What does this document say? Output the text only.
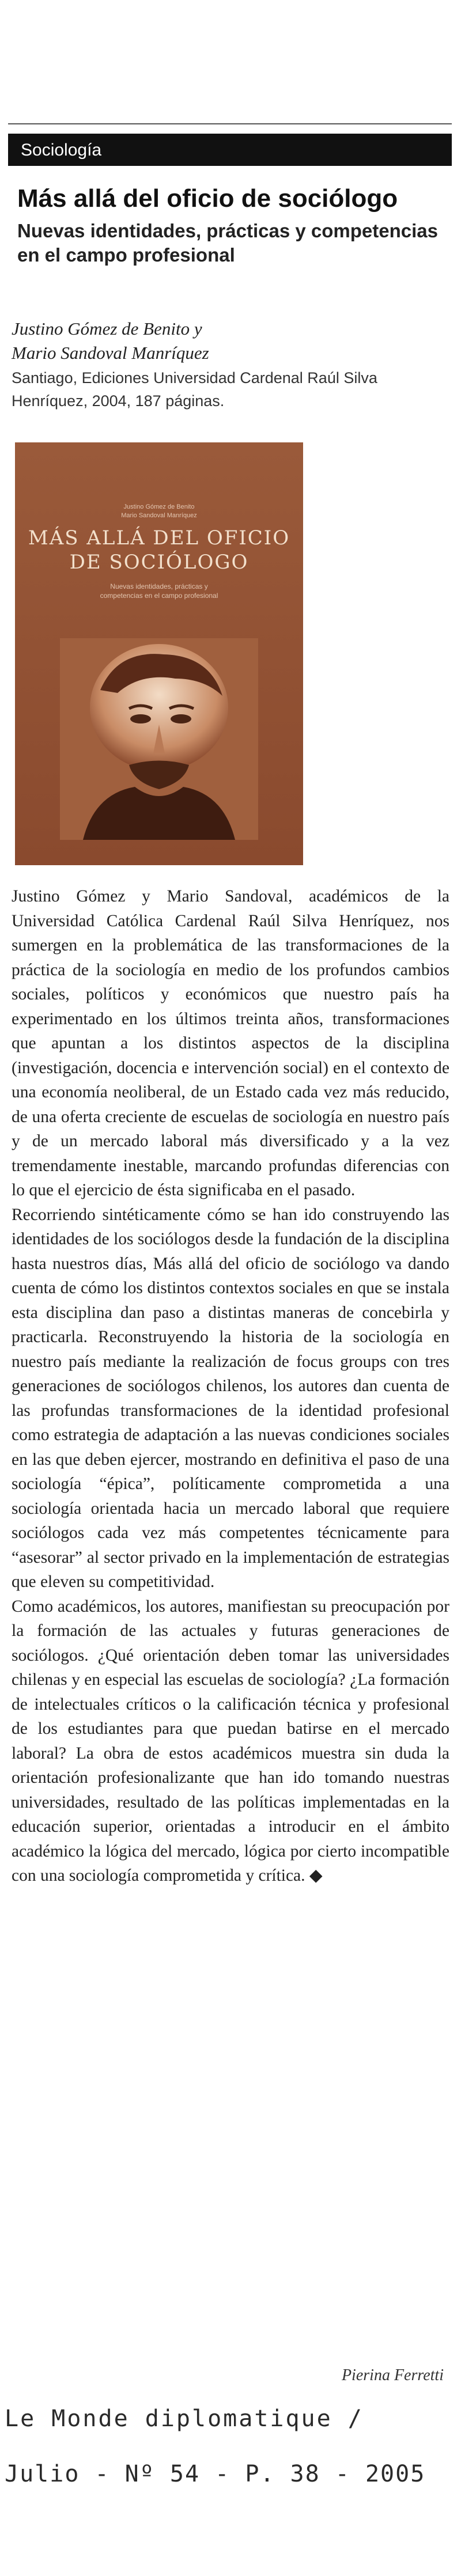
Sociología
Más allá del oficio de sociólogo
Nuevas identidades, prácticas y competencias en el campo profesional
Justino Gómez de Benito y
Mario Sandoval Manríquez
Santiago, Ediciones Universidad Cardenal Raúl Silva Henríquez, 2004, 187 páginas.
Justino Gómez de Benito
Mario Sandoval Manríquez
MÁS ALLÁ DEL OFICIO
DE SOCIÓLOGO
Nuevas identidades, prácticas y
competencias en el campo profesional

Justino Gómez y Mario Sandoval, académicos de la Universidad Católica Cardenal Raúl Silva Henríquez, nos sumergen en la problemática de las transformaciones de la práctica de la sociología en medio de los profundos cambios sociales, políticos y económicos que nuestro país ha experimentado en los últimos treinta años, transformaciones que apuntan a los distintos aspectos de la disciplina (investigación, docencia e intervención social) en el contexto de una economía neoliberal, de un Estado cada vez más reducido, de una oferta creciente de escuelas de sociología en nuestro país y de un mercado laboral más diversificado y a la vez tremendamente inestable, marcando profundas diferencias con lo que el ejercicio de ésta significaba en el pasado.

Recorriendo sintéticamente cómo se han ido construyendo las identidades de los sociólogos desde la fundación de la disciplina hasta nuestros días, Más allá del oficio de sociólogo va dando cuenta de cómo los distintos contextos sociales en que se instala esta disciplina dan paso a distintas maneras de concebirla y practicarla. Reconstruyendo la historia de la sociología en nuestro país mediante la realización de focus groups con tres generaciones de sociólogos chilenos, los autores dan cuenta de las profundas transformaciones de la identidad profesional como estrategia de adaptación a las nuevas condiciones sociales en las que deben ejercer, mostrando en definitiva el paso de una sociología “épica”, políticamente comprometida a una sociología orientada hacia un mercado laboral que requiere sociólogos cada vez más competentes técnicamente para “asesorar” al sector privado en la implementación de estrategias que eleven su competitividad.

Como académicos, los autores, manifiestan su preocupación por la formación de las actuales y futuras generaciones de sociólogos. ¿Qué orientación deben tomar las universidades chilenas y en especial las escuelas de sociología? ¿La formación de intelectuales críticos o la calificación técnica y profesional de los estudiantes para que puedan batirse en el mercado laboral? La obra de estos académicos muestra sin duda la orientación profesionalizante que han ido tomando nuestras universidades, resultado de las políticas implementadas en la educación superior, orientadas a introducir en el ámbito académico la lógica del mercado, lógica por cierto incompatible con una sociología comprometida y crítica. ◆

Pierina Ferretti
Le Monde diplomatique /
Julio - Nº 54 - P. 38 - 2005
